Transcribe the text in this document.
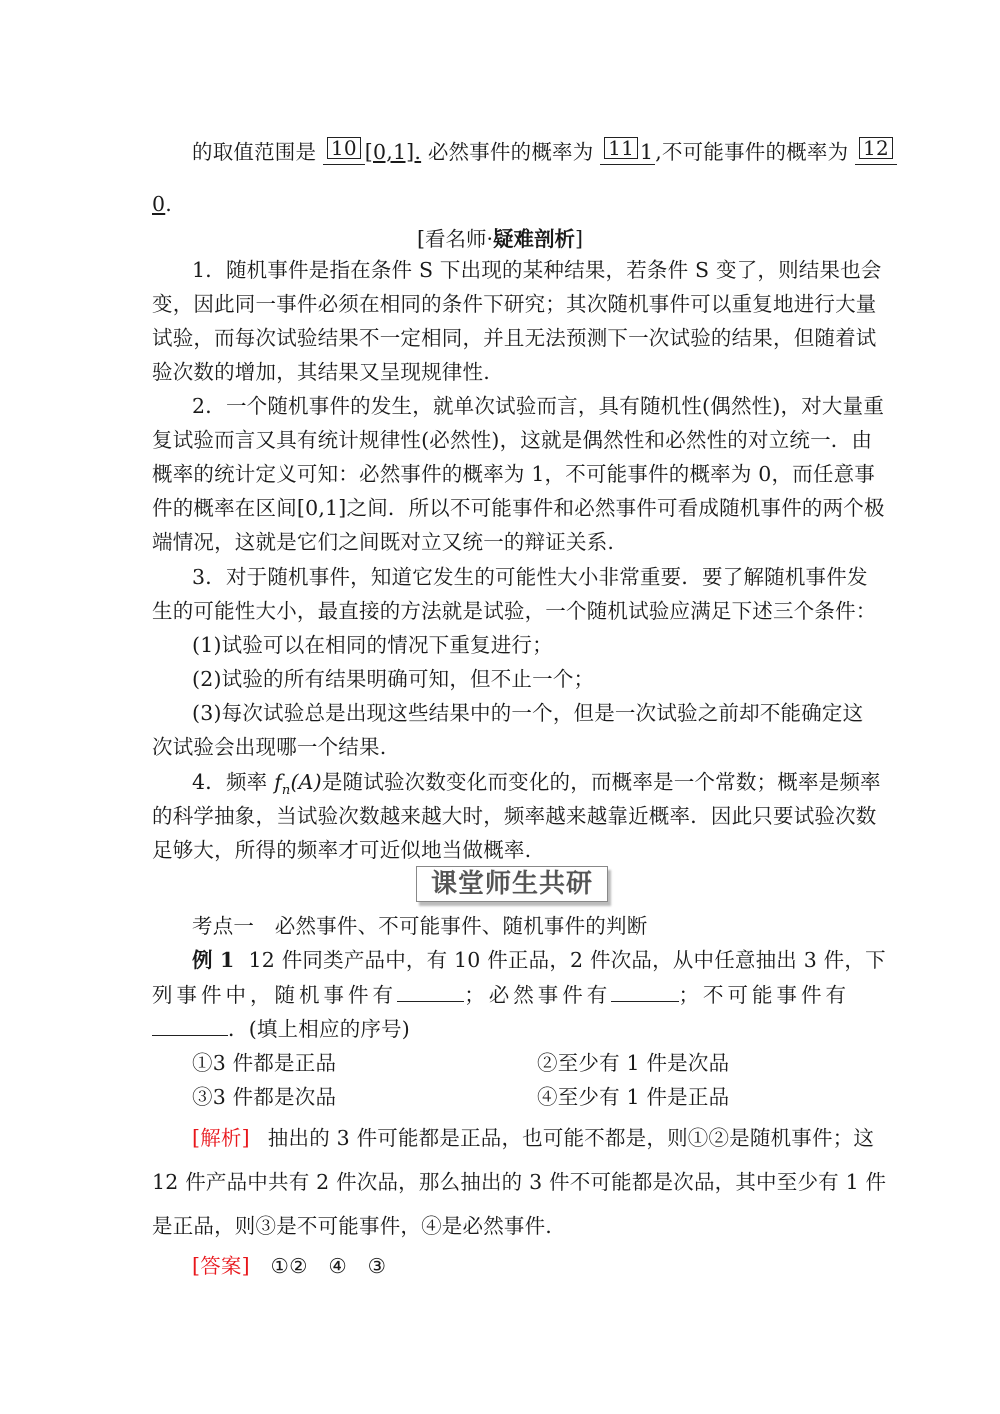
的取值范围是 10 [0,1]. 必然事件的概率为 11 1,不可能事件的概率为 12
0.
[看名师·疑难剖析]
1．随机事件是指在条件 S 下出现的某种结果，若条件 S 变了，则结果也会
变，因此同一事件必须在相同的条件下研究；其次随机事件可以重复地进行大量
试验，而每次试验结果不一定相同，并且无法预测下一次试验的结果，但随着试
验次数的增加，其结果又呈现规律性.
2．一个随机事件的发生，就单次试验而言，具有随机性(偶然性)，对大量重
复试验而言又具有统计规律性(必然性)，这就是偶然性和必然性的对立统一．由
概率的统计定义可知：必然事件的概率为 1，不可能事件的概率为 0，而任意事
件的概率在区间[0,1]之间．所以不可能事件和必然事件可看成随机事件的两个极
端情况，这就是它们之间既对立又统一的辩证关系.
3．对于随机事件，知道它发生的可能性大小非常重要．要了解随机事件发
生的可能性大小，最直接的方法就是试验，一个随机试验应满足下述三个条件：
(1)试验可以在相同的情况下重复进行；
(2)试验的所有结果明确可知，但不止一个；
(3)每次试验总是出现这些结果中的一个，但是一次试验之前却不能确定这
次试验会出现哪一个结果.
4．频率 $f_n(A)$是随试验次数变化而变化的，而概率是一个常数；概率是频率
的科学抽象，当试验次数越来越大时，频率越来越靠近概率．因此只要试验次数
足够大，所得的频率才可近似地当做概率.
课堂师生共研
考点一　必然事件、不可能事件、随机事件的判断
例 1 12 件同类产品中，有 10 件正品，2 件次品，从中任意抽出 3 件，下
列事件中，随机事件有	；必然事件有	；不可能事件有
．(填上相应的序号)
①3 件都是正品	②至少有 1 件是次品
③3 件都是次品	④至少有 1 件是正品
[解析] 抽出的 3 件可能都是正品，也可能不都是，则①②是随机事件；这
12 件产品中共有 2 件次品，那么抽出的 3 件不可能都是次品，其中至少有 1 件
是正品，则③是不可能事件，④是必然事件.
[答案] ①②　④　③
